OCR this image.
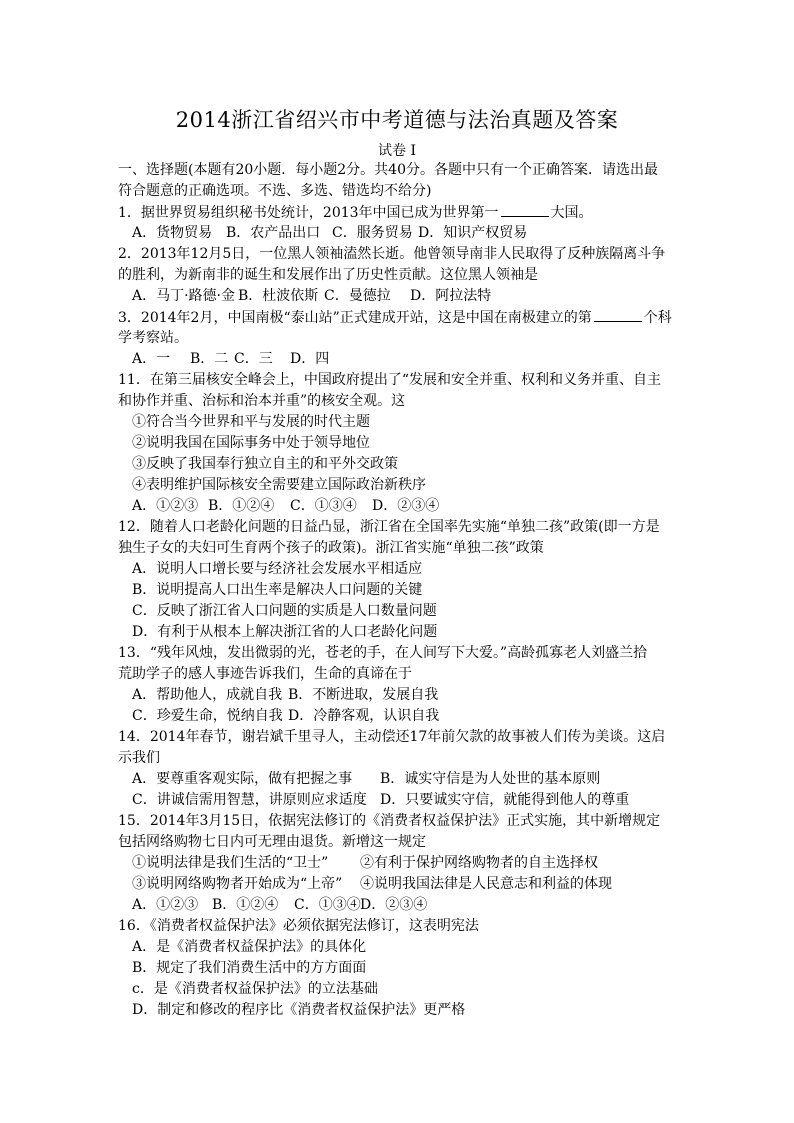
2014浙江省绍兴市中考道德与法治真题及答案
试卷 I
一、选择题(本题有20小题．每小题2分。共40分。各题中只有一个正确答案．请选出最
符合题意的正确选项。不选、多选、错选均不给分)
1．据世界贸易组织秘书处统计，2013年中国已成为世界第一	大国。
A．货物贸易 B．农产品出口 C．服务贸易 D．知识产权贸易
2．2013年12月5日，一位黑人领袖溘然长逝。他曾领导南非人民取得了反种族隔离斗争
的胜利，为新南非的诞生和发展作出了历史性贡献。这位黑人领袖是
A．马丁·路德·金 B．杜波依斯 C．曼德拉 D．阿拉法特
3．2014年2月，中国南极“泰山站”正式建成开站，这是中国在南极建立的第	个科
学考察站。
A．一 B．二 C．三 D．四
11．在第三届核安全峰会上，中国政府提出了“发展和安全并重、权利和义务并重、自主
和协作并重、治标和治本并重”的核安全观。这
①符合当今世界和平与发展的时代主题
②说明我国在国际事务中处于领导地位
③反映了我国奉行独立自主的和平外交政策
④表明维护国际核安全需要建立国际政治新秩序
A．①②③ B．①②④ C．①③④ D．②③④
12．随着人口老龄化问题的日益凸显，浙江省在全国率先实施“单独二孩”政策(即一方是
独生子女的夫妇可生育两个孩子的政策)。浙江省实施“单独二孩”政策
A．说明人口增长要与经济社会发展水平相适应
B．说明提高人口出生率是解决人口问题的关键
C．反映了浙江省人口问题的实质是人口数量问题
D．有利于从根本上解决浙江省的人口老龄化问题
13．“残年风烛，发出微弱的光，苍老的手，在人间写下大爱。”高龄孤寡老人刘盛兰拾
荒助学子的感人事迹告诉我们，生命的真谛在于
A．帮助他人，成就自我 B．不断进取，发展自我
C．珍爱生命，悦纳自我 D．冷静客观，认识自我
14．2014年春节，谢岩斌千里寻人，主动偿还17年前欠款的故事被人们传为美谈。这启
示我们
A．要尊重客观实际，做有把握之事 B．诚实守信是为人处世的基本原则
C．讲诚信需用智慧，讲原则应求适度 D．只要诚实守信，就能得到他人的尊重
15．2014年3月15日，依据宪法修订的《消费者权益保护法》正式实施，其中新增规定
包括网络购物七日内可无理由退货。新增这一规定
①说明法律是我们生活的“卫士” ②有利于保护网络购物者的自主选择权
③说明网络购物者开始成为“上帝” ④说明我国法律是人民意志和利益的体现
A．①②③ B．①②④ C．①③④D．②③④
16．《消费者权益保护法》必须依据宪法修订，这表明宪法
A．是《消费者权益保护法》的具体化
B．规定了我们消费生活中的方方面面
c．是《消费者权益保护法》的立法基础
D．制定和修改的程序比《消费者权益保护法》更严格
